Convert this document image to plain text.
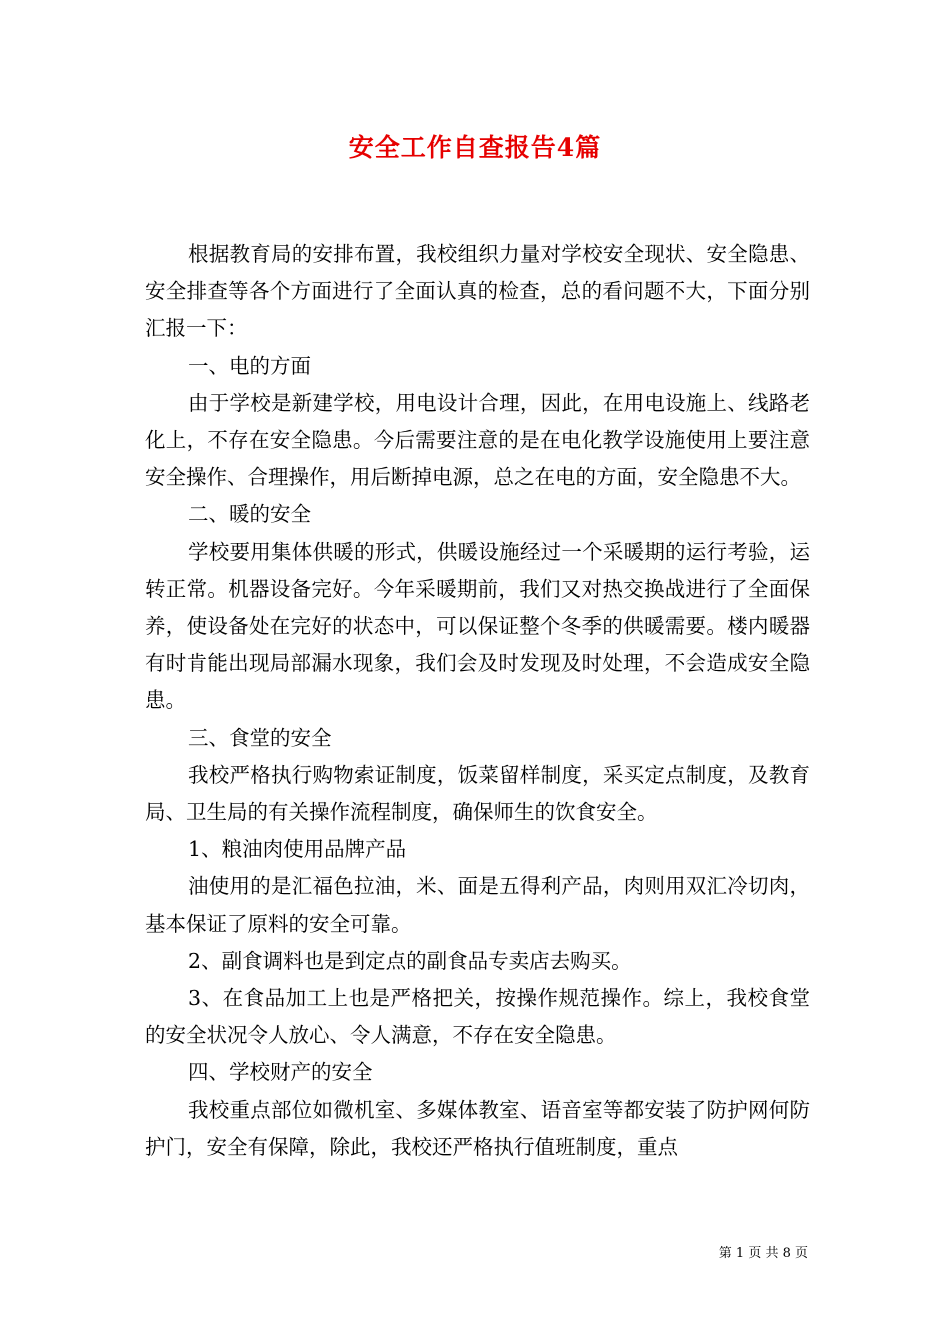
安全工作自查报告4篇

根据教育局的安排布置，我校组织力量对学校安全现状、安全隐患、安全排查等各个方面进行了全面认真的检查，总的看问题不大，下面分别汇报一下：

一、电的方面

由于学校是新建学校，用电设计合理，因此，在用电设施上、线路老化上，不存在安全隐患。今后需要注意的是在电化教学设施使用上要注意安全操作、合理操作，用后断掉电源，总之在电的方面，安全隐患不大。

二、暖的安全

学校要用集体供暖的形式，供暖设施经过一个采暖期的运行考验，运转正常。机器设备完好。今年采暖期前，我们又对热交换战进行了全面保养，使设备处在完好的状态中，可以保证整个冬季的供暖需要。楼内暖器有时肯能出现局部漏水现象，我们会及时发现及时处理，不会造成安全隐患。

三、食堂的安全

我校严格执行购物索证制度，饭菜留样制度，采买定点制度，及教育局、卫生局的有关操作流程制度，确保师生的饮食安全。

1、粮油肉使用品牌产品

油使用的是汇福色拉油，米、面是五得利产品，肉则用双汇冷切肉，基本保证了原料的安全可靠。

2、副食调料也是到定点的副食品专卖店去购买。

3、在食品加工上也是严格把关，按操作规范操作。综上，我校食堂的安全状况令人放心、令人满意，不存在安全隐患。

四、学校财产的安全

我校重点部位如微机室、多媒体教室、语音室等都安装了防护网何防护门，安全有保障，除此，我校还严格执行值班制度，重点

第 1 页 共 8 页
